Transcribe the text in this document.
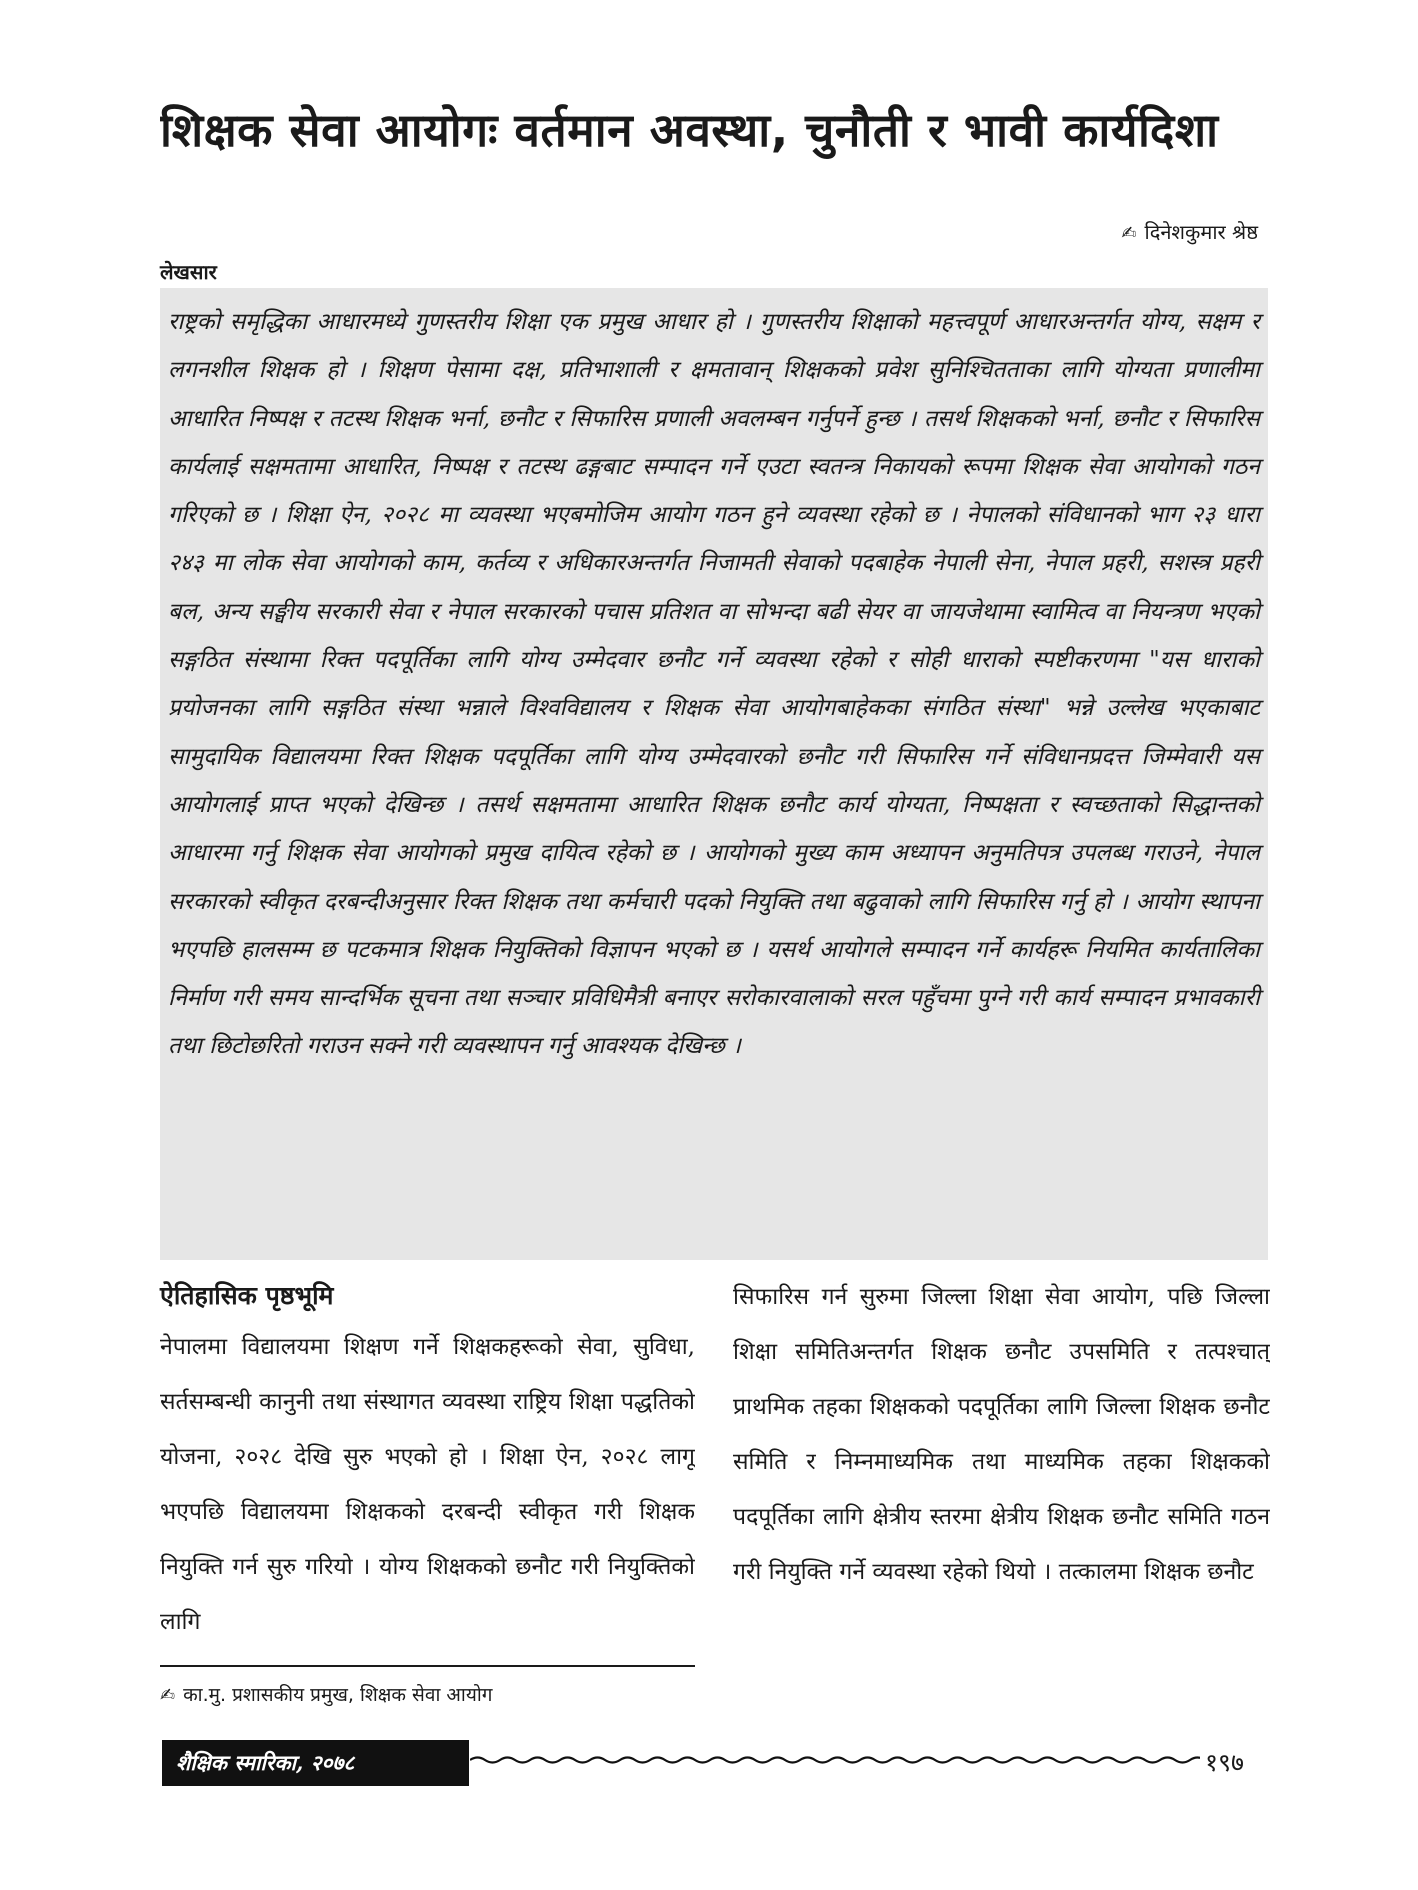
शिक्षक सेवा आयोगः वर्तमान अवस्था, चुनौती र भावी कार्यदिशा
✍ दिनेशकुमार श्रेष्ठ
लेखसार
राष्ट्रको समृद्धिका आधारमध्ये गुणस्तरीय शिक्षा एक प्रमुख आधार हो । गुणस्तरीय शिक्षाको महत्त्वपूर्ण आधारअन्तर्गत योग्य, सक्षम र लगनशील शिक्षक हो । शिक्षण पेसामा दक्ष, प्रतिभाशाली र क्षमतावान् शिक्षकको प्रवेश सुनिश्चितताका लागि योग्यता प्रणालीमा आधारित निष्पक्ष र तटस्थ शिक्षक भर्ना, छनौट र सिफारिस प्रणाली अवलम्बन गर्नुपर्ने हुन्छ । तसर्थ शिक्षकको भर्ना, छनौट र सिफारिस कार्यलाई सक्षमतामा आधारित, निष्पक्ष र तटस्थ ढङ्गबाट सम्पादन गर्ने एउटा स्वतन्त्र निकायको रूपमा शिक्षक सेवा आयोगको गठन गरिएको छ । शिक्षा ऐन, २०२८ मा व्यवस्था भएबमोजिम आयोग गठन हुने व्यवस्था रहेको छ । नेपालको संविधानको भाग २३ धारा २४३ मा लोक सेवा आयोगको काम, कर्तव्य र अधिकारअन्तर्गत निजामती सेवाको पदबाहेक नेपाली सेना, नेपाल प्रहरी, सशस्त्र प्रहरी बल, अन्य सङ्घीय सरकारी सेवा र नेपाल सरकारको पचास प्रतिशत वा सोभन्दा बढी सेयर वा जायजेथामा स्वामित्व वा नियन्त्रण भएको सङ्गठित संस्थामा रिक्त पदपूर्तिका लागि योग्य उम्मेदवार छनौट गर्ने व्यवस्था रहेको र सोही धाराको स्पष्टीकरणमा "यस धाराको प्रयोजनका लागि सङ्गठित संस्था भन्नाले विश्वविद्यालय र शिक्षक सेवा आयोगबाहेकका संगठित संस्था" भन्ने उल्लेख भएकाबाट सामुदायिक विद्यालयमा रिक्त शिक्षक पदपूर्तिका लागि योग्य उम्मेदवारको छनौट गरी सिफारिस गर्ने संविधानप्रदत्त जिम्मेवारी यस आयोगलाई प्राप्त भएको देखिन्छ । तसर्थ सक्षमतामा आधारित शिक्षक छनौट कार्य योग्यता, निष्पक्षता र स्वच्छताको सिद्धान्तको आधारमा गर्नु शिक्षक सेवा आयोगको प्रमुख दायित्व रहेको छ । आयोगको मुख्य काम अध्यापन अनुमतिपत्र उपलब्ध गराउने, नेपाल सरकारको स्वीकृत दरबन्दीअनुसार रिक्त शिक्षक तथा कर्मचारी पदको नियुक्ति तथा बढुवाको लागि सिफारिस गर्नु हो । आयोग स्थापना भएपछि हालसम्म छ पटकमात्र शिक्षक नियुक्तिको विज्ञापन भएको छ । यसर्थ आयोगले सम्पादन गर्ने कार्यहरू नियमित कार्यतालिका निर्माण गरी समय सान्दर्भिक सूचना तथा सञ्चार प्रविधिमैत्री बनाएर सरोकारवालाको सरल पहुँचमा पुग्ने गरी कार्य सम्पादन प्रभावकारी तथा छिटोछरितो गराउन सक्ने गरी व्यवस्थापन गर्नु आवश्यक देखिन्छ ।
ऐतिहासिक पृष्ठभूमि
नेपालमा विद्यालयमा शिक्षण गर्ने शिक्षकहरूको सेवा, सुविधा, सर्तसम्बन्धी कानुनी तथा संस्थागत व्यवस्था राष्ट्रिय शिक्षा पद्धतिको योजना, २०२८ देखि सुरु भएको हो । शिक्षा ऐन, २०२८ लागू भएपछि विद्यालयमा शिक्षकको दरबन्दी स्वीकृत गरी शिक्षक नियुक्ति गर्न सुरु गरियो । योग्य शिक्षकको छनौट गरी नियुक्तिको लागि
सिफारिस गर्न सुरुमा जिल्ला शिक्षा सेवा आयोग, पछि जिल्ला शिक्षा समितिअन्तर्गत शिक्षक छनौट उपसमिति र तत्पश्चात् प्राथमिक तहका शिक्षकको पदपूर्तिका लागि जिल्ला शिक्षक छनौट समिति र निम्नमाध्यमिक तथा माध्यमिक तहका शिक्षकको पदपूर्तिका लागि क्षेत्रीय स्तरमा क्षेत्रीय शिक्षक छनौट समिति गठन गरी नियुक्ति गर्ने व्यवस्था रहेको थियो । तत्कालमा शिक्षक छनौट
✍ का.मु. प्रशासकीय प्रमुख, शिक्षक सेवा आयोग
शैक्षिक स्मारिका, २०७८	१९७
